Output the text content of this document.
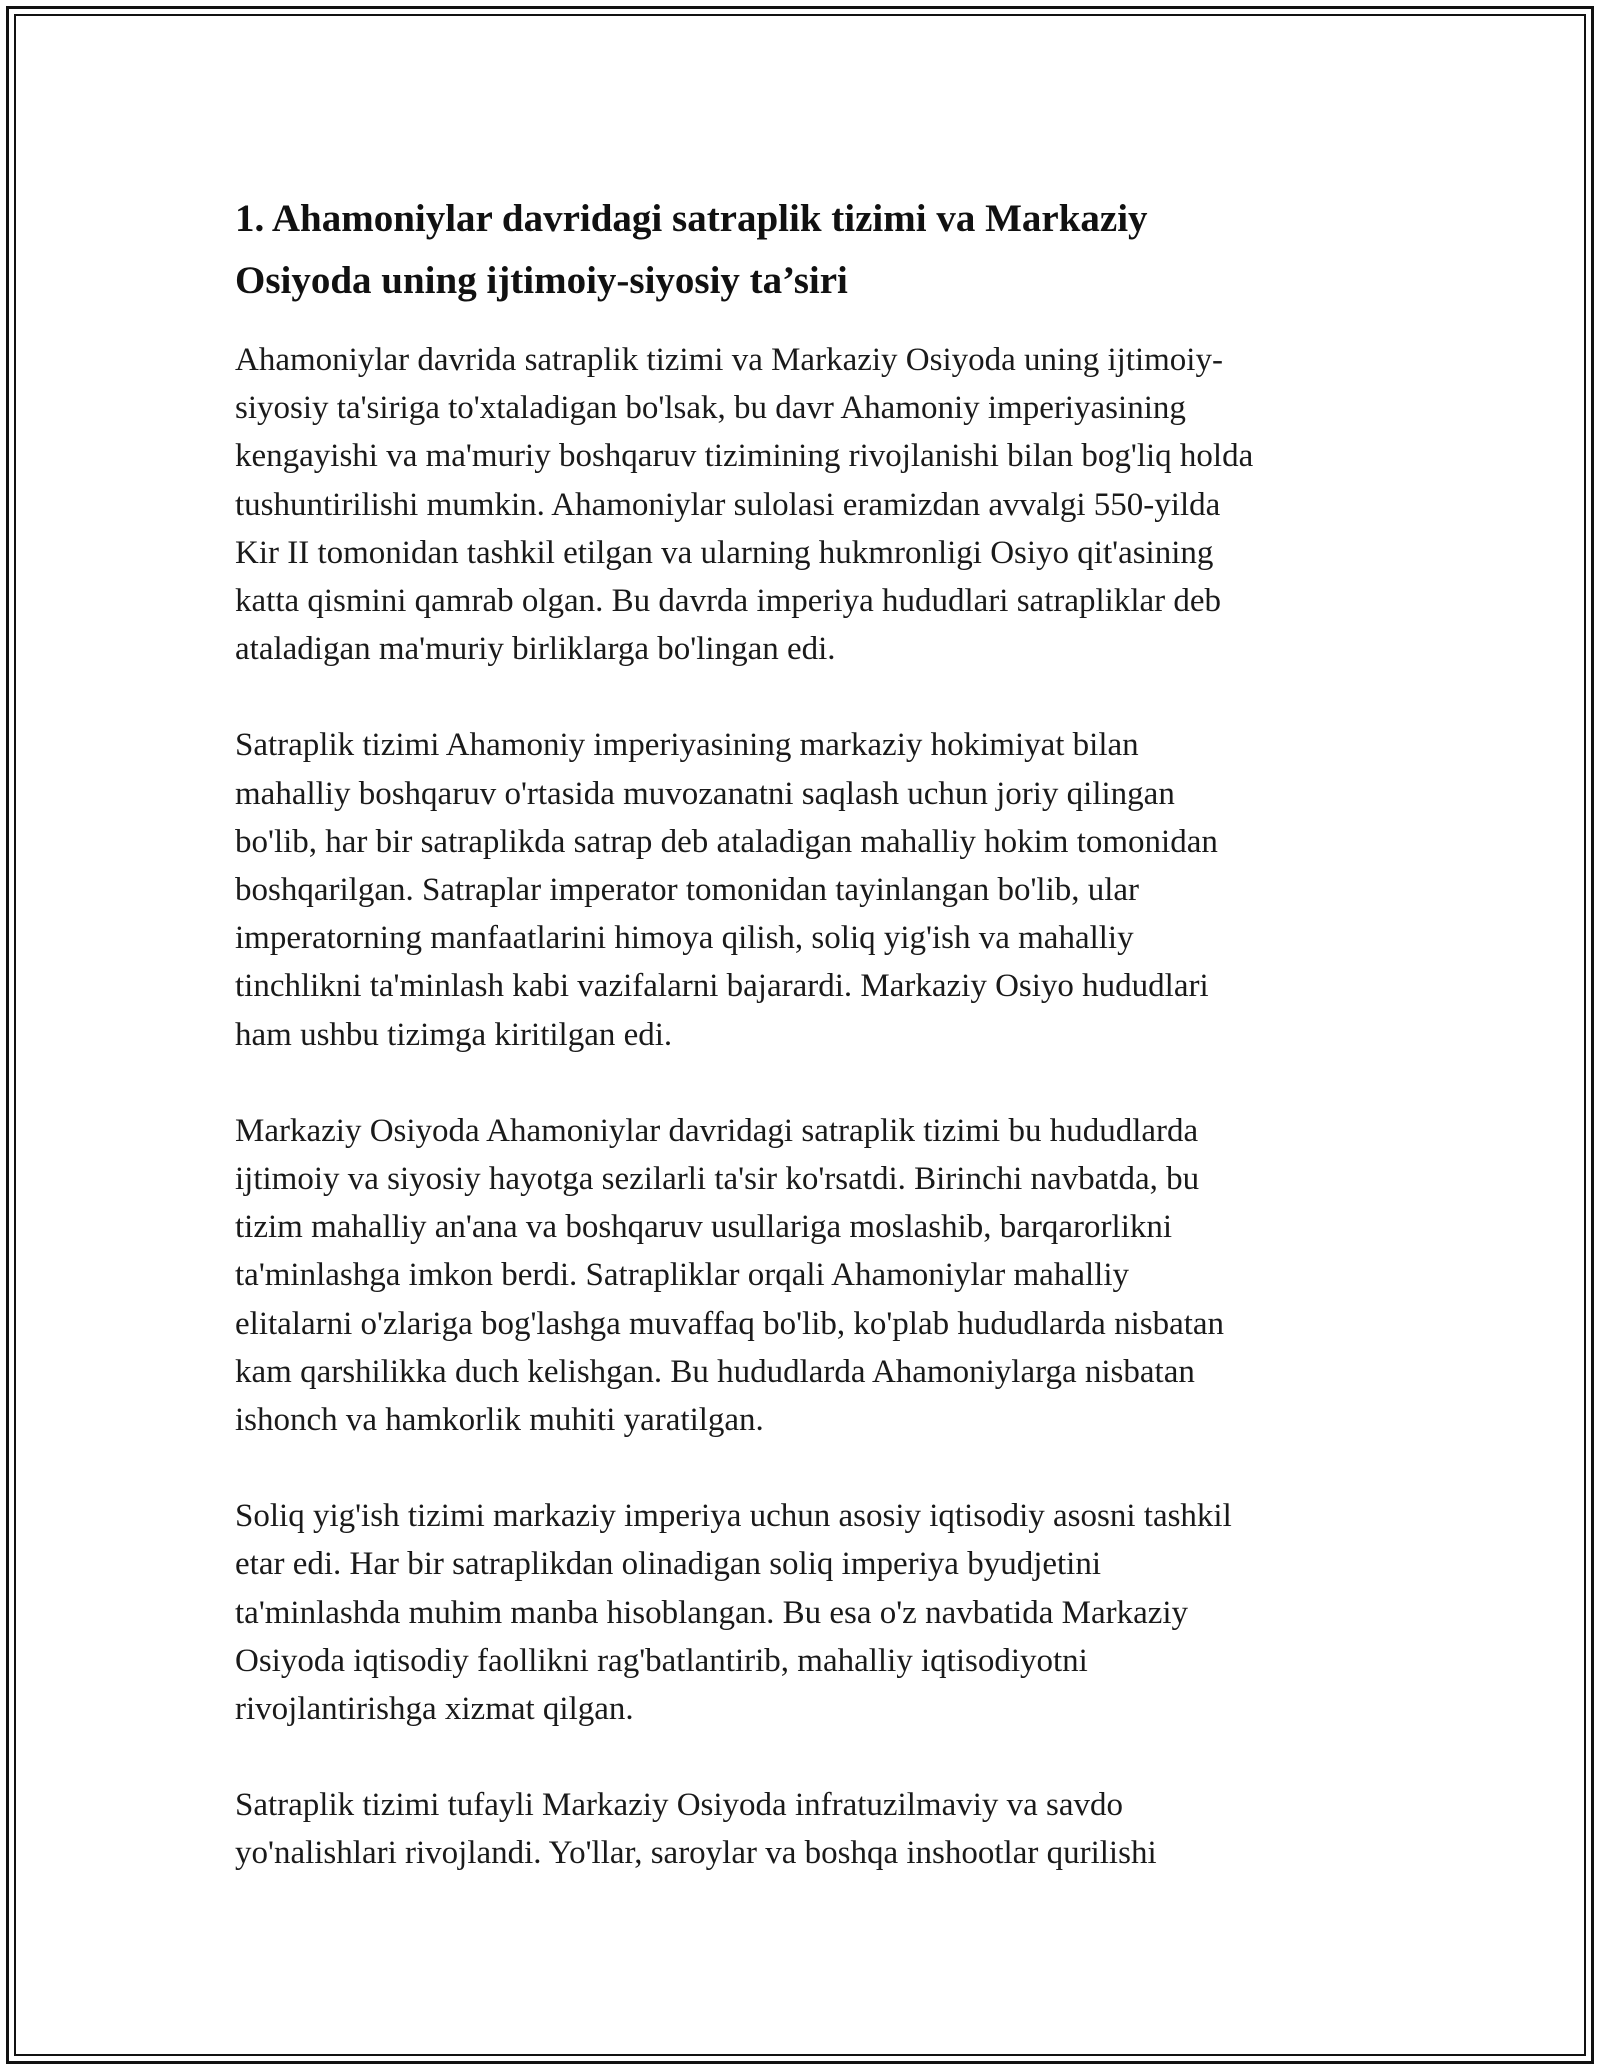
1. Ahamoniylar davridagi satraplik tizimi va Markaziy
Osiyoda uning ijtimoiy-siyosiy ta’siri

Ahamoniylar davrida satraplik tizimi va Markaziy Osiyoda uning ijtimoiy-
siyosiy ta'siriga to'xtaladigan bo'lsak, bu davr Ahamoniy imperiyasining
kengayishi va ma'muriy boshqaruv tizimining rivojlanishi bilan bog'liq holda
tushuntirilishi mumkin. Ahamoniylar sulolasi eramizdan avvalgi 550-yilda
Kir II tomonidan tashkil etilgan va ularning hukmronligi Osiyo qit'asining
katta qismini qamrab olgan. Bu davrda imperiya hududlari satrapliklar deb
ataladigan ma'muriy birliklarga bo'lingan edi.

Satraplik tizimi Ahamoniy imperiyasining markaziy hokimiyat bilan
mahalliy boshqaruv o'rtasida muvozanatni saqlash uchun joriy qilingan
bo'lib, har bir satraplikda satrap deb ataladigan mahalliy hokim tomonidan
boshqarilgan. Satraplar imperator tomonidan tayinlangan bo'lib, ular
imperatorning manfaatlarini himoya qilish, soliq yig'ish va mahalliy
tinchlikni ta'minlash kabi vazifalarni bajarardi. Markaziy Osiyo hududlari
ham ushbu tizimga kiritilgan edi.

Markaziy Osiyoda Ahamoniylar davridagi satraplik tizimi bu hududlarda
ijtimoiy va siyosiy hayotga sezilarli ta'sir ko'rsatdi. Birinchi navbatda, bu
tizim mahalliy an'ana va boshqaruv usullariga moslashib, barqarorlikni
ta'minlashga imkon berdi. Satrapliklar orqali Ahamoniylar mahalliy
elitalarni o'zlariga bog'lashga muvaffaq bo'lib, ko'plab hududlarda nisbatan
kam qarshilikka duch kelishgan. Bu hududlarda Ahamoniylarga nisbatan
ishonch va hamkorlik muhiti yaratilgan.

Soliq yig'ish tizimi markaziy imperiya uchun asosiy iqtisodiy asosni tashkil
etar edi. Har bir satraplikdan olinadigan soliq imperiya byudjetini
ta'minlashda muhim manba hisoblangan. Bu esa o'z navbatida Markaziy
Osiyoda iqtisodiy faollikni rag'batlantirib, mahalliy iqtisodiyotni
rivojlantirishga xizmat qilgan.

Satraplik tizimi tufayli Markaziy Osiyoda infratuzilmaviy va savdo
yo'nalishlari rivojlandi. Yo'llar, saroylar va boshqa inshootlar qurilishi
